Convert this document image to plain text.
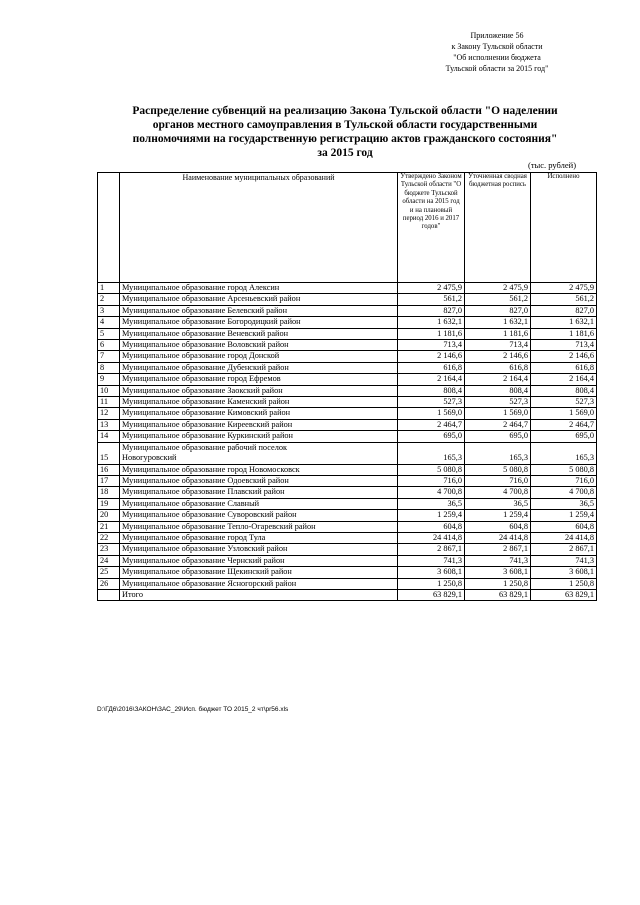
Приложение 56
к Закону Тульской области
"Об исполнении бюджета
Тульской области за 2015 год"
Распределение субвенций на реализацию Закона Тульской области "О наделении
органов местного самоуправления в Тульской области государственными
полномочиями на государственную регистрацию актов гражданского состояния"
за 2015 год
(тыс. рублей)
	Наименование муниципальных образований	Утверждено Законом Тульской области "О бюджете Тульской области на 2015 год и на плановый период 2016 и 2017 годов"	Уточненная сводная бюджетная роспись	Исполнено
1	Муниципальное образование город Алексин	2 475,9	2 475,9	2 475,9
2	Муниципальное образование Арсеньевский район	561,2	561,2	561,2
3	Муниципальное образование Белевский район	827,0	827,0	827,0
4	Муниципальное образование Богородицкий район	1 632,1	1 632,1	1 632,1
5	Муниципальное образование Веневский район	1 181,6	1 181,6	1 181,6
6	Муниципальное образование Воловский район	713,4	713,4	713,4
7	Муниципальное образование город Донской	2 146,6	2 146,6	2 146,6
8	Муниципальное образование Дубенский район	616,8	616,8	616,8
9	Муниципальное образование город Ефремов	2 164,4	2 164,4	2 164,4
10	Муниципальное образование Заокский район	808,4	808,4	808,4
11	Муниципальное образование Каменский район	527,3	527,3	527,3
12	Муниципальное образование Кимовский район	1 569,0	1 569,0	1 569,0
13	Муниципальное образование Киреевский район	2 464,7	2 464,7	2 464,7
14	Муниципальное образование Куркинский район	695,0	695,0	695,0
15	Муниципальное образование рабочий поселок
Новогуровский	165,3	165,3	165,3
16	Муниципальное образование город Новомосковск	5 080,8	5 080,8	5 080,8
17	Муниципальное образование Одоевский район	716,0	716,0	716,0
18	Муниципальное образование Плавский район	4 700,8	4 700,8	4 700,8
19	Муниципальное образование Славный	36,5	36,5	36,5
20	Муниципальное образование Суворовский район	1 259,4	1 259,4	1 259,4
21	Муниципальное образование Тепло-Огаревский район	604,8	604,8	604,8
22	Муниципальное образование город Тула	24 414,8	24 414,8	24 414,8
23	Муниципальное образование Узловский район	2 867,1	2 867,1	2 867,1
24	Муниципальное образование Чернский район	741,3	741,3	741,3
25	Муниципальное образование Щекинский район	3 608,1	3 608,1	3 608,1
26	Муниципальное образование Ясногорский район	1 250,8	1 250,8	1 250,8
	Итого	63 829,1	63 829,1	63 829,1
D:\ГД6\2016\ЗАКОН\ЗАС_29\Исп. бюджет ТО 2015_2 чт\pr56.xls
